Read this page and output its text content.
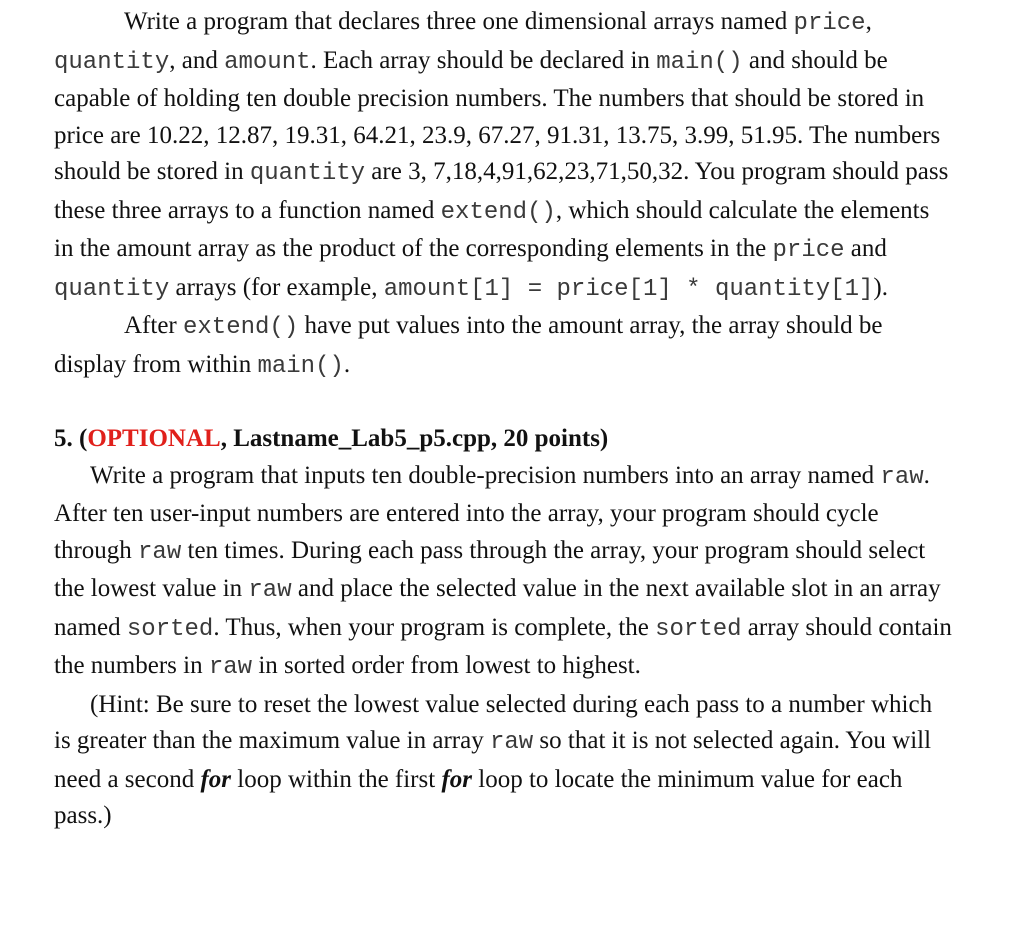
Write a program that declares three one dimensional arrays named price, quantity, and amount. Each array should be declared in main() and should be capable of holding ten double precision numbers. The numbers that should be stored in price are 10.22, 12.87, 19.31, 64.21, 23.9, 67.27, 91.31, 13.75, 3.99, 51.95. The numbers should be stored in quantity are 3, 7,18,4,91,62,23,71,50,32. You program should pass these three arrays to a function named extend(), which should calculate the elements in the amount array as the product of the corresponding elements in the price and quantity arrays (for example, amount[1] = price[1] * quantity[1]).

After extend() have put values into the amount array, the array should be display from within main().

5. (OPTIONAL, Lastname_Lab5_p5.cpp, 20 points)

Write a program that inputs ten double-precision numbers into an array named raw. After ten user-input numbers are entered into the array, your program should cycle through raw ten times. During each pass through the array, your program should select the lowest value in raw and place the selected value in the next available slot in an array named sorted. Thus, when your program is complete, the sorted array should contain the numbers in raw in sorted order from lowest to highest.

(Hint: Be sure to reset the lowest value selected during each pass to a number which is greater than the maximum value in array raw so that it is not selected again. You will need a second for loop within the first for loop to locate the minimum value for each pass.)
